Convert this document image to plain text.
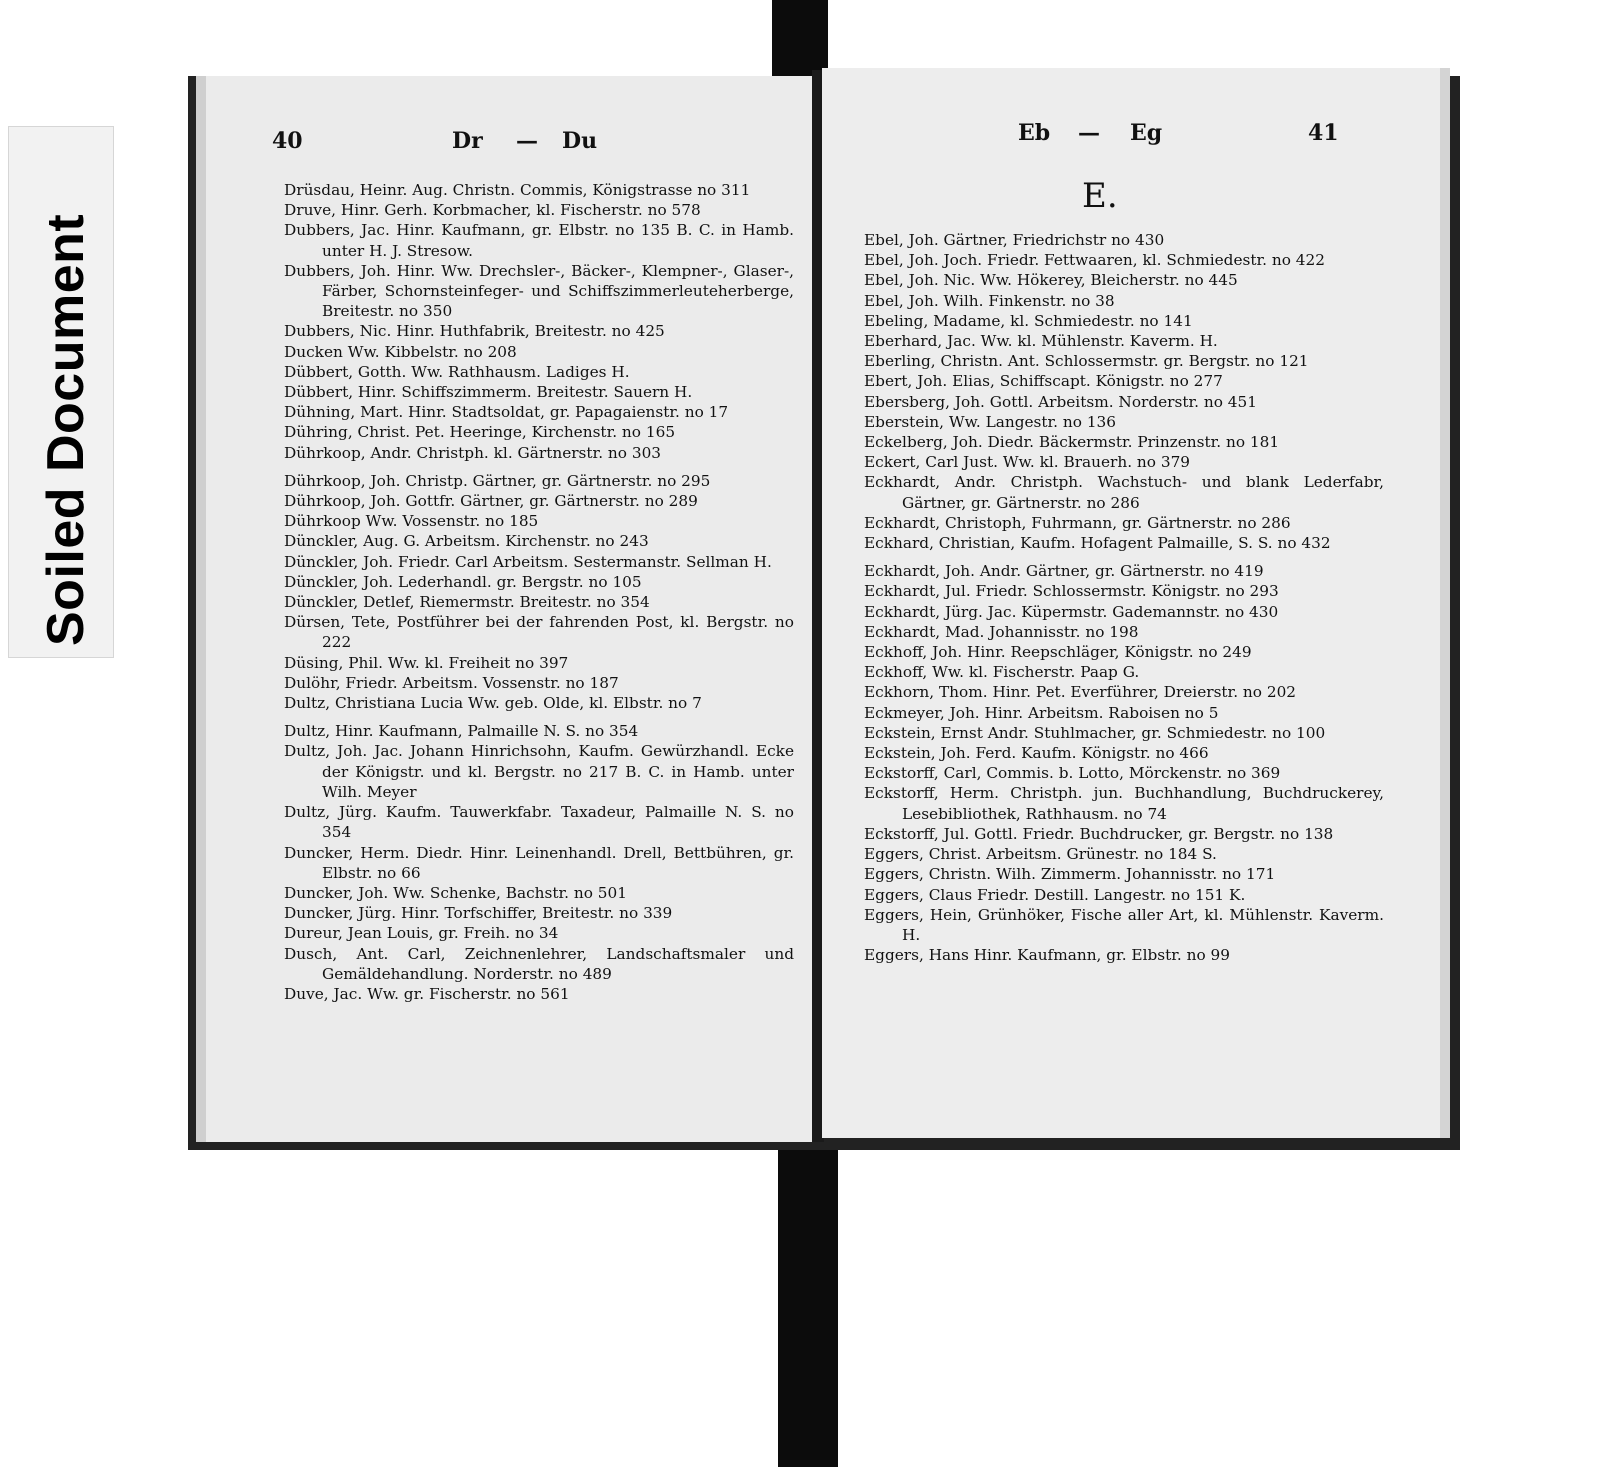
Soiled Document
40	Dr — Du
Drüsdau, Heinr. Aug. Christn. Commis, Königstrasse no 311
Druve, Hinr. Gerh. Korbmacher, kl. Fischerstr. no 578
Dubbers, Jac. Hinr. Kaufmann, gr. Elbstr. no 135 B. C. in Hamb. unter H. J. Stresow.
Dubbers, Joh. Hinr. Ww. Drechsler-, Bäcker-, Klempner-, Glaser-, Färber, Schornsteinfeger- und Schiffszimmerleuteherberge, Breitestr. no 350
Dubbers, Nic. Hinr. Huthfabrik, Breitestr. no 425
Ducken Ww. Kibbelstr. no 208
Dübbert, Gotth. Ww. Rathhausm. Ladiges H.
Dübbert, Hinr. Schiffszimmerm. Breitestr. Sauern H.
Dühning, Mart. Hinr. Stadtsoldat, gr. Papagaienstr. no 17
Dühring, Christ. Pet. Heeringe, Kirchenstr. no 165
Dührkoop, Andr. Christph. kl. Gärtnerstr. no 303
Dührkoop, Joh. Christp. Gärtner, gr. Gärtnerstr. no 295
Dührkoop, Joh. Gottfr. Gärtner, gr. Gärtnerstr. no 289
Dührkoop Ww. Vossenstr. no 185
Dünckler, Aug. G. Arbeitsm. Kirchenstr. no 243
Dünckler, Joh. Friedr. Carl Arbeitsm. Sestermanstr. Sellman H.
Dünckler, Joh. Lederhandl. gr. Bergstr. no 105
Dünckler, Detlef, Riemermstr. Breitestr. no 354
Dürsen, Tete, Postführer bei der fahrenden Post, kl. Bergstr. no 222
Düsing, Phil. Ww. kl. Freiheit no 397
Dulöhr, Friedr. Arbeitsm. Vossenstr. no 187
Dultz, Christiana Lucia Ww. geb. Olde, kl. Elbstr. no 7
Dultz, Hinr. Kaufmann, Palmaille N. S. no 354
Dultz, Joh. Jac. Johann Hinrichsohn, Kaufm. Gewürzhandl. Ecke der Königstr. und kl. Bergstr. no 217 B. C. in Hamb. unter Wilh. Meyer
Dultz, Jürg. Kaufm. Tauwerkfabr. Taxadeur, Palmaille N. S. no 354
Duncker, Herm. Diedr. Hinr. Leinenhandl. Drell, Bettbühren, gr. Elbstr. no 66
Duncker, Joh. Ww. Schenke, Bachstr. no 501
Duncker, Jürg. Hinr. Torfschiffer, Breitestr. no 339
Dureur, Jean Louis, gr. Freih. no 34
Dusch, Ant. Carl, Zeichnenlehrer, Landschaftsmaler und Gemäldehandlung. Norderstr. no 489
Duve, Jac. Ww. gr. Fischerstr. no 561
Eb — Eg	41
E.
Ebel, Joh. Gärtner, Friedrichstr no 430
Ebel, Joh. Joch. Friedr. Fettwaaren, kl. Schmiedestr. no 422
Ebel, Joh. Nic. Ww. Hökerey, Bleicherstr. no 445
Ebel, Joh. Wilh. Finkenstr. no 38
Ebeling, Madame, kl. Schmiedestr. no 141
Eberhard, Jac. Ww. kl. Mühlenstr. Kaverm. H.
Eberling, Christn. Ant. Schlossermstr. gr. Bergstr. no 121
Ebert, Joh. Elias, Schiffscapt. Königstr. no 277
Ebersberg, Joh. Gottl. Arbeitsm. Norderstr. no 451
Eberstein, Ww. Langestr. no 136
Eckelberg, Joh. Diedr. Bäckermstr. Prinzenstr. no 181
Eckert, Carl Just. Ww. kl. Brauerh. no 379
Eckhardt, Andr. Christph. Wachstuch- und blank Lederfabr, Gärtner, gr. Gärtnerstr. no 286
Eckhardt, Christoph, Fuhrmann, gr. Gärtnerstr. no 286
Eckhard, Christian, Kaufm. Hofagent Palmaille, S. S. no 432
Eckhardt, Joh. Andr. Gärtner, gr. Gärtnerstr. no 419
Eckhardt, Jul. Friedr. Schlossermstr. Königstr. no 293
Eckhardt, Jürg. Jac. Küpermstr. Gademannstr. no 430
Eckhardt, Mad. Johannisstr. no 198
Eckhoff, Joh. Hinr. Reepschläger, Königstr. no 249
Eckhoff, Ww. kl. Fischerstr. Paap G.
Eckhorn, Thom. Hinr. Pet. Everführer, Dreierstr. no 202
Eckmeyer, Joh. Hinr. Arbeitsm. Raboisen no 5
Eckstein, Ernst Andr. Stuhlmacher, gr. Schmiedestr. no 100
Eckstein, Joh. Ferd. Kaufm. Königstr. no 466
Eckstorff, Carl, Commis. b. Lotto, Mörckenstr. no 369
Eckstorff, Herm. Christph. jun. Buchhandlung, Buchdruckerey, Lesebibliothek, Rathhausm. no 74
Eckstorff, Jul. Gottl. Friedr. Buchdrucker, gr. Bergstr. no 138
Eggers, Christ. Arbeitsm. Grünestr. no 184 S.
Eggers, Christn. Wilh. Zimmerm. Johannisstr. no 171
Eggers, Claus Friedr. Destill. Langestr. no 151 K.
Eggers, Hein, Grünhöker, Fische aller Art, kl. Mühlenstr. Kaverm. H.
Eggers, Hans Hinr. Kaufmann, gr. Elbstr. no 99
